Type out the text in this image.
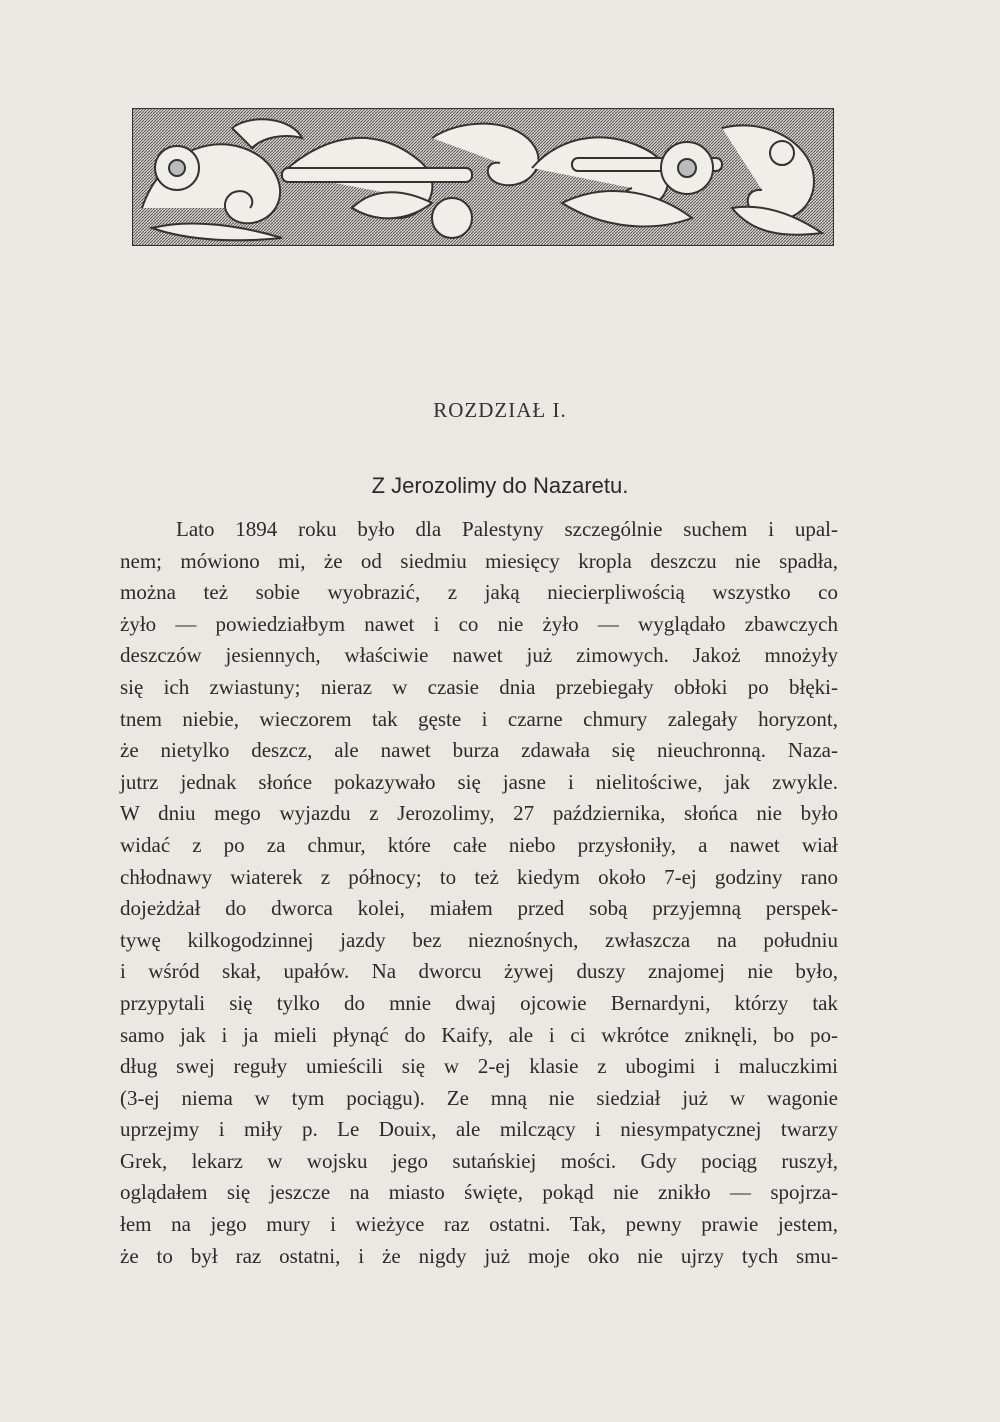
ROZDZIAŁ I.
Z Jerozolimy do Nazaretu.
Lato 1894 roku było dla Palestyny szczególnie suchem i upal-
nem; mówiono mi, że od siedmiu miesięcy kropla deszczu nie spadła,
można też sobie wyobrazić, z jaką niecierpliwością wszystko co
żyło — powiedziałbym nawet i co nie żyło — wyglądało zbawczych
deszczów jesiennych, właściwie nawet już zimowych. Jakoż mnożyły
się ich zwiastuny; nieraz w czasie dnia przebiegały obłoki po błęki-
tnem niebie, wieczorem tak gęste i czarne chmury zalegały horyzont,
że nietylko deszcz, ale nawet burza zdawała się nieuchronną. Naza-
jutrz jednak słońce pokazywało się jasne i nielitościwe, jak zwykle.
W dniu mego wyjazdu z Jerozolimy, 27 października, słońca nie było
widać z po za chmur, które całe niebo przysłoniły, a nawet wiał
chłodnawy wiaterek z północy; to też kiedym około 7-ej godziny rano
dojeżdżał do dworca kolei, miałem przed sobą przyjemną perspek-
tywę kilkogodzinnej jazdy bez nieznośnych, zwłaszcza na południu
i wśród skał, upałów. Na dworcu żywej duszy znajomej nie było,
przypytali się tylko do mnie dwaj ojcowie Bernardyni, którzy tak
samo jak i ja mieli płynąć do Kaify, ale i ci wkrótce zniknęli, bo po-
dług swej reguły umieścili się w 2-ej klasie z ubogimi i maluczkimi
(3-ej niema w tym pociągu). Ze mną nie siedział już w wagonie
uprzejmy i miły p. Le Douix, ale milczący i niesympatycznej twarzy
Grek, lekarz w wojsku jego sutańskiej mości. Gdy pociąg ruszył,
oglądałem się jeszcze na miasto święte, pokąd nie znikło — spojrza-
łem na jego mury i wieżyce raz ostatni. Tak, pewny prawie jestem,
że to był raz ostatni, i że nigdy już moje oko nie ujrzy tych smu-
